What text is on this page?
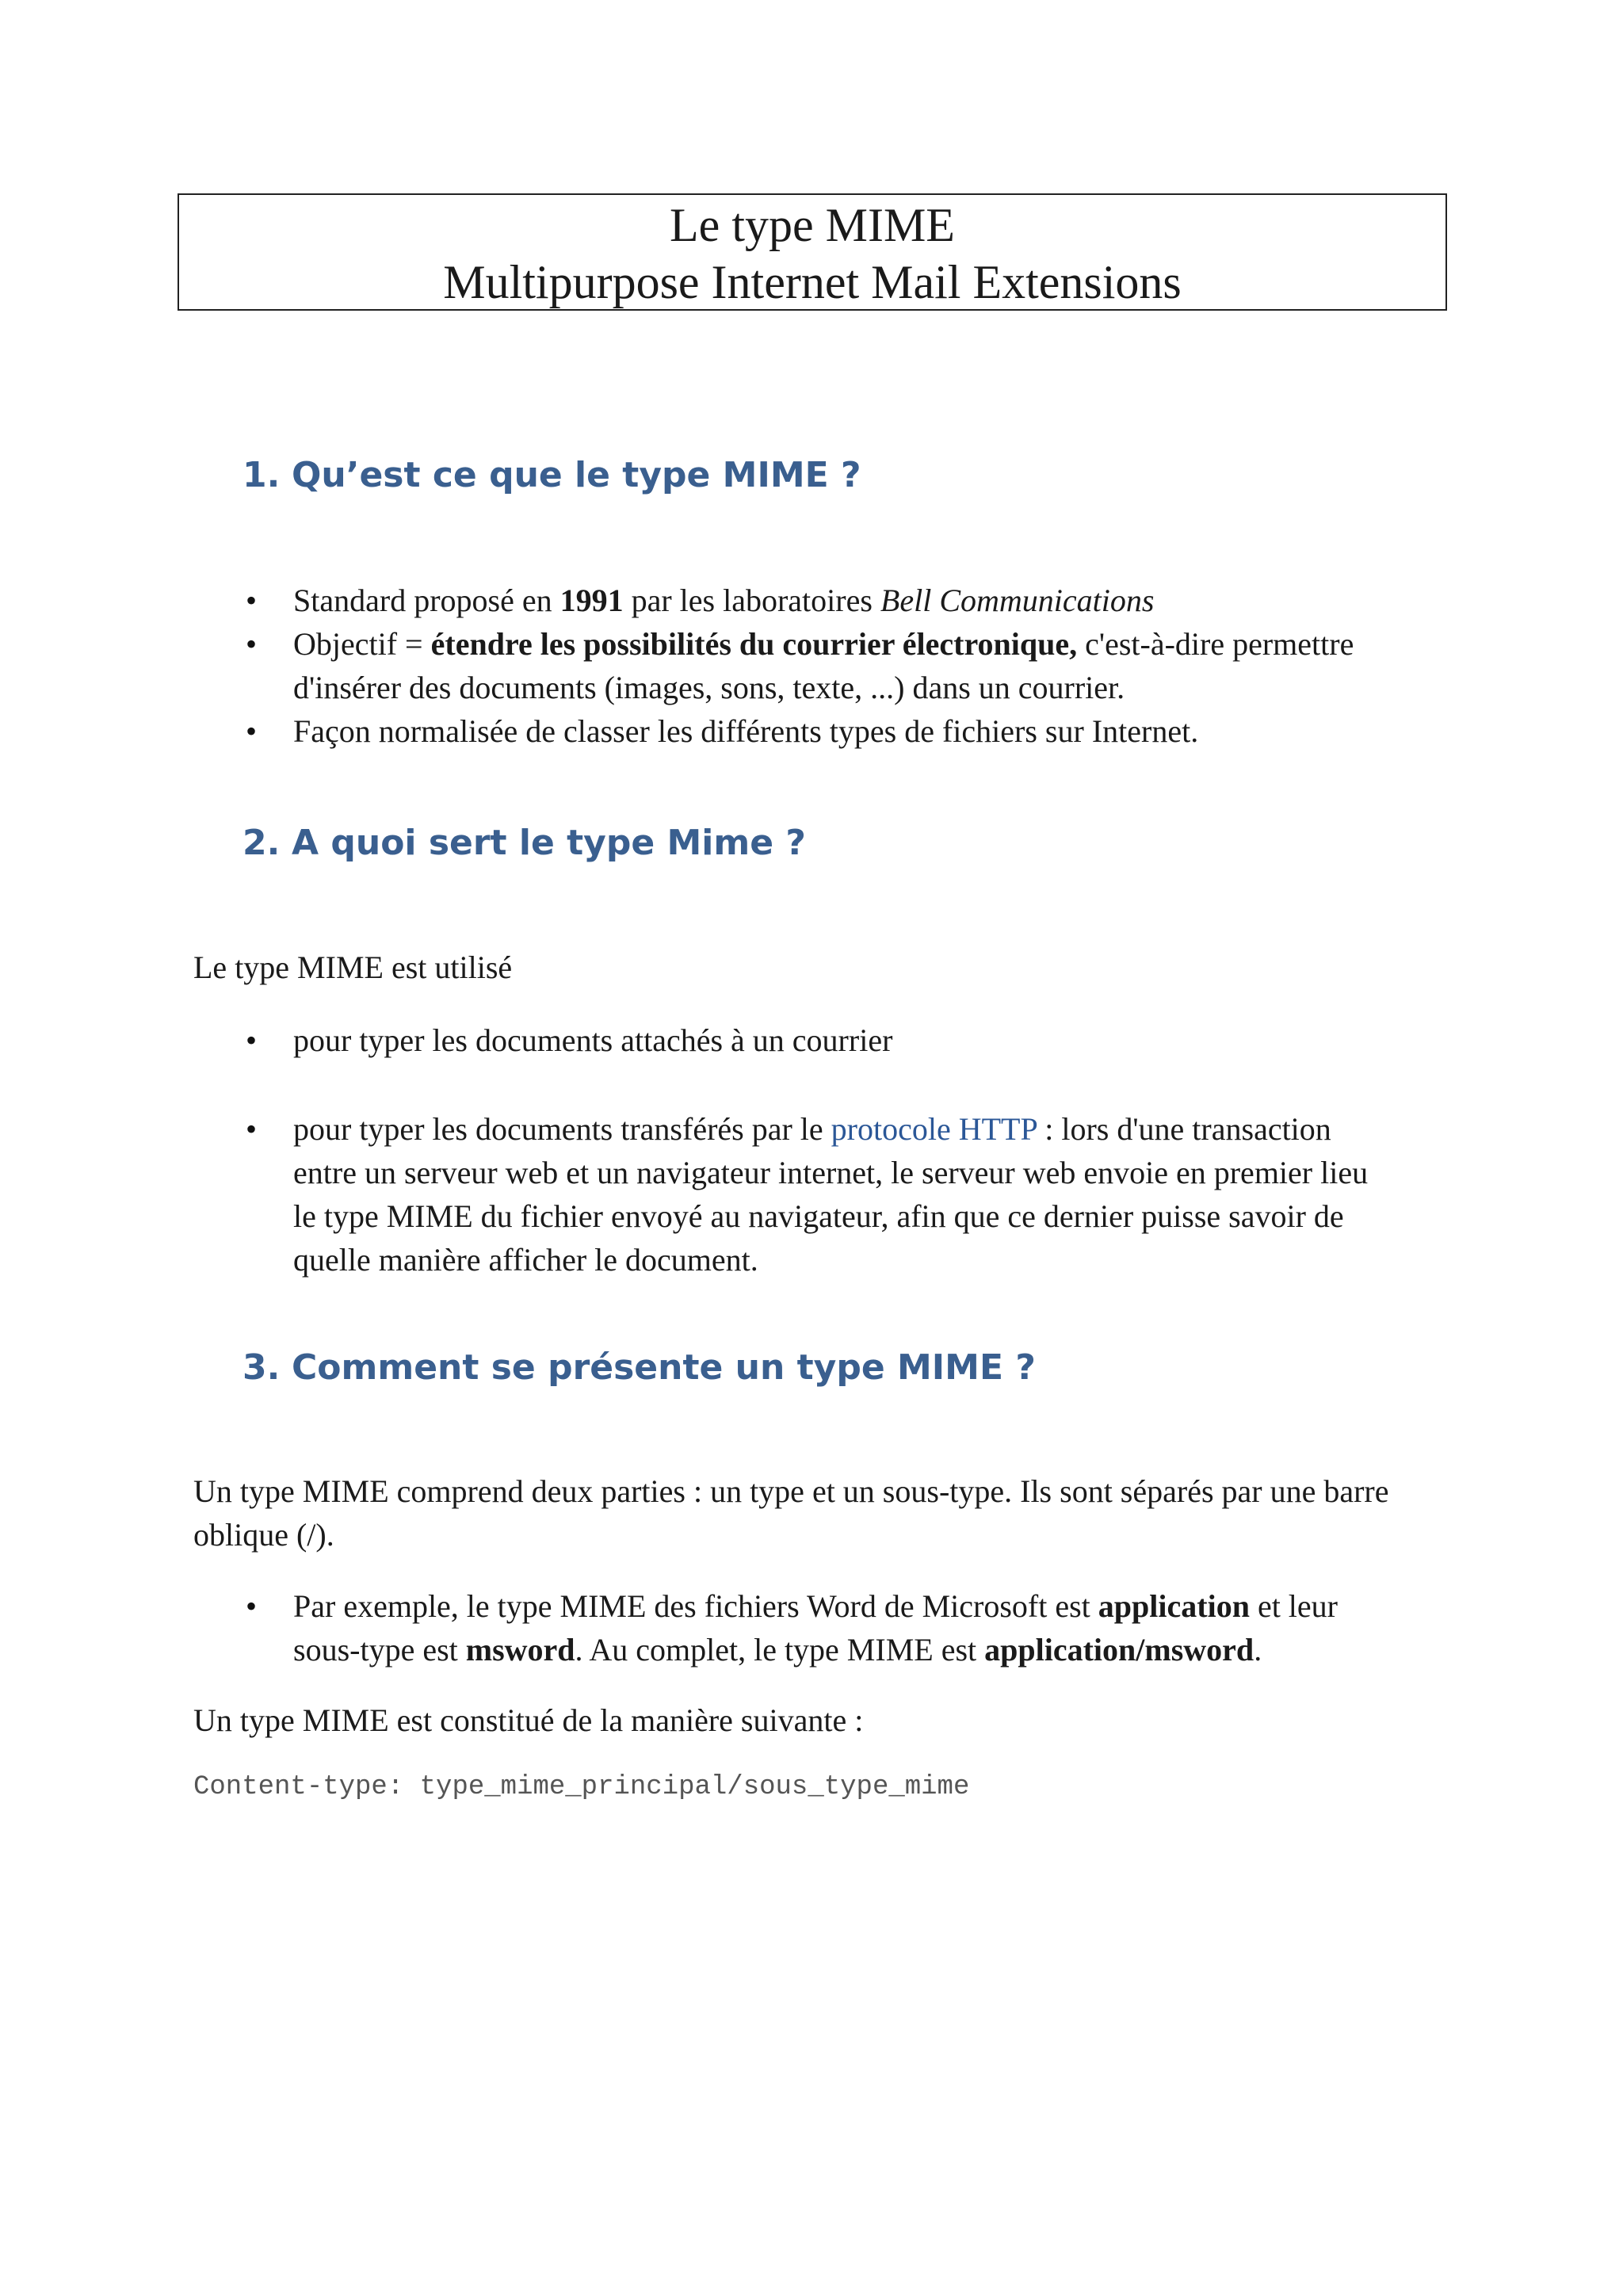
Le type MIME
Multipurpose Internet Mail Extensions
1. Qu’est ce que le type MIME ?
• Standard proposé en 1991 par les laboratoires Bell Communications
• Objectif = étendre les possibilités du courrier électronique, c'est-à-dire permettre
d'insérer des documents (images, sons, texte, ...) dans un courrier.
• Façon normalisée de classer les différents types de fichiers sur Internet.
2. A quoi sert le type Mime ?
Le type MIME est utilisé
• pour typer les documents attachés à un courrier
• pour typer les documents transférés par le protocole HTTP : lors d'une transaction
entre un serveur web et un navigateur internet, le serveur web envoie en premier lieu
le type MIME du fichier envoyé au navigateur, afin que ce dernier puisse savoir de
quelle manière afficher le document.
3. Comment se présente un type MIME ?
Un type MIME comprend deux parties : un type et un sous-type. Ils sont séparés par une barre
oblique (/).
• Par exemple, le type MIME des fichiers Word de Microsoft est application et leur
sous-type est msword. Au complet, le type MIME est application/msword.
Un type MIME est constitué de la manière suivante :
Content-type: type_mime_principal/sous_type_mime
